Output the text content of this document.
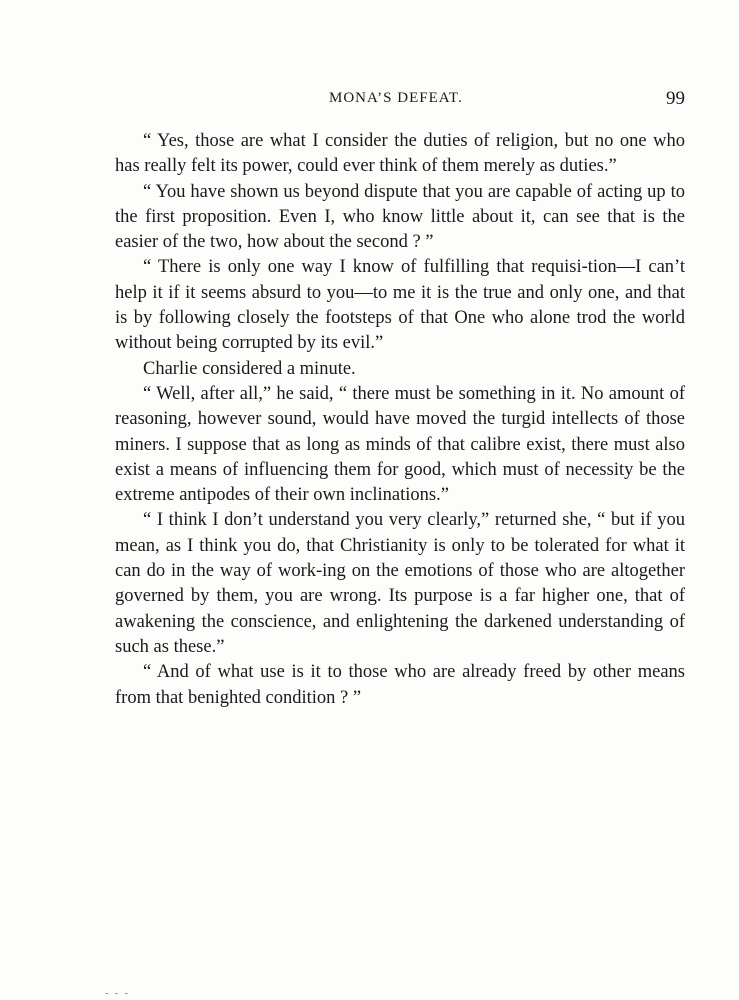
MONA’S DEFEAT.	99

“ Yes, those are what I consider the duties of religion, but no one who has really felt its power, could ever think of them merely as duties.”

“ You have shown us beyond dispute that you are capable of acting up to the first proposition. Even I, who know little about it, can see that is the easier of the two, how about the second ? ”

“ There is only one way I know of fulfilling that requisi-tion—I can’t help it if it seems absurd to you—to me it is the true and only one, and that is by following closely the footsteps of that One who alone trod the world without being corrupted by its evil.”

Charlie considered a minute.

“ Well, after all,” he said, “ there must be something in it. No amount of reasoning, however sound, would have moved the turgid intellects of those miners. I suppose that as long as minds of that calibre exist, there must also exist a means of influencing them for good, which must of necessity be the extreme antipodes of their own inclinations.”

“ I think I don’t understand you very clearly,” returned she, “ but if you mean, as I think you do, that Christianity is only to be tolerated for what it can do in the way of work-ing on the emotions of those who are altogether governed by them, you are wrong. Its purpose is a far higher one, that of awakening the conscience, and enlightening the darkened understanding of such as these.”

“ And of what use is it to those who are already freed by other means from that benighted condition ? ”

- - -
